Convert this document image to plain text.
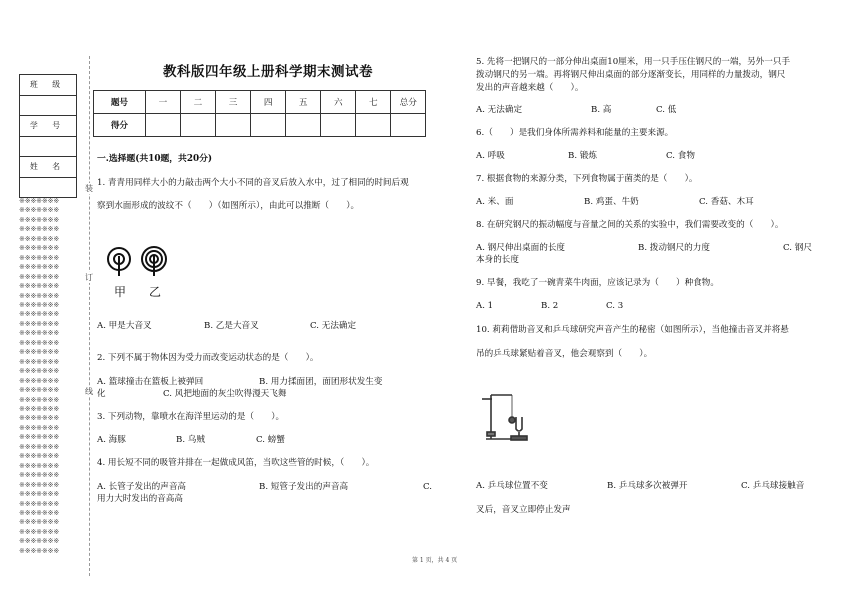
班 级

学 号

姓 名

※※※※※※※
※※※※※※※
※※※※※※※
※※※※※※※
※※※※※※※
※※※※※※※
※※※※※※※
※※※※※※※
※※※※※※※
※※※※※※※
※※※※※※※
※※※※※※※
※※※※※※※
※※※※※※※
※※※※※※※
※※※※※※※
※※※※※※※
※※※※※※※
※※※※※※※
※※※※※※※
※※※※※※※
※※※※※※※
※※※※※※※
※※※※※※※
※※※※※※※
※※※※※※※
※※※※※※※
※※※※※※※
※※※※※※※
※※※※※※※
※※※※※※※
※※※※※※※
※※※※※※※
※※※※※※※
※※※※※※※
※※※※※※※
※※※※※※※
※※※※※※※
装
订
线
教科版四年级上册科学期末测试卷
题号	一	二	三	四	五	六	七	总分
得分								
一.选择题(共10题，共20分)
1. 青青用同样大小的力敲击两个大小不同的音叉后放入水中，过了相同的时间后观
察到水面形成的波纹不（　　）（如图所示），由此可以推断（　　）。
甲 乙
A. 甲是大音叉	B. 乙是大音叉	C. 无法确定
2. 下列不属于物体因为受力而改变运动状态的是（　　）。
A. 篮球撞击在篮板上被弹回	B. 用力揉面团，面团形状发生变
化	C. 风把地面的灰尘吹得漫天飞舞
3. 下列动物，靠喷水在海洋里运动的是（　　）。
A. 海豚	B. 乌贼	C. 螃蟹
4. 用长短不同的吸管并排在一起做成风笛，当吹这些管的时候，（　　）。
A. 长管子发出的声音高	B. 短管子发出的声音高	C.
用力大时发出的音高高
5. 先将一把钢尺的一部分伸出桌面10厘米，用一只手压住钢尺的一端，另外一只手
拨动钢尺的另一端。再将钢尺伸出桌面的部分逐渐变长，用同样的力量拨动，钢尺
发出的声音越来越（　　）。
A. 无法确定	B. 高	C. 低
6.（　　）是我们身体所需养料和能量的主要来源。
A. 呼吸	B. 锻炼	C. 食物
7. 根据食物的来源分类，下列食物属于菌类的是（　　）。
A. 米、面	B. 鸡蛋、牛奶	C. 香菇、木耳
8. 在研究钢尺的振动幅度与音量之间的关系的实验中，我们需要改变的（　　）。
A. 钢尺伸出桌面的长度	B. 拨动钢尺的力度	C. 钢尺
本身的长度
9. 早餐，我吃了一碗青菜牛肉面，应该记录为（　　）种食物。
A. 1	B. 2	C. 3
10. 莉莉借助音叉和乒乓球研究声音产生的秘密（如图所示），当他撞击音叉并将悬
吊的乒乓球紧贴着音叉，他会观察到（　　）。
A. 乒乓球位置不变	B. 乒乓球多次被弹开	C. 乒乓球接触音
叉后，音叉立即停止发声
第 1 页，共 4 页
